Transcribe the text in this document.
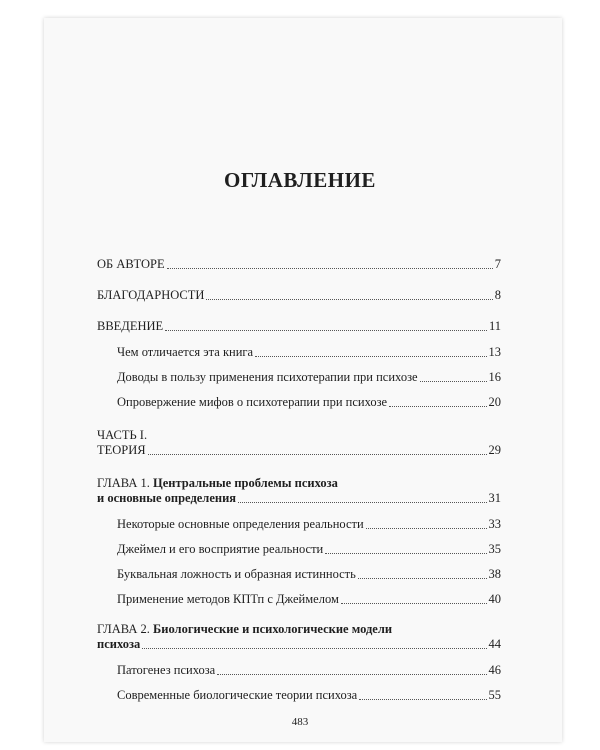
ОГЛАВЛЕНИЕ
ОБ АВТОРЕ	7
БЛАГОДАРНОСТИ	8
ВВЕДЕНИЕ	11
Чем отличается эта книга	13
Доводы в пользу применения психотерапии при психозе	16
Опровержение мифов о психотерапии при психозе	20
ЧАСТЬ I.
ТЕОРИЯ	29
ГЛАВА 1. Центральные проблемы психоза
и основные определения	31
Некоторые основные определения реальности	33
Джеймел и его восприятие реальности	35
Буквальная ложность и образная истинность	38
Применение методов КПТп с Джеймелом	40
ГЛАВА 2. Биологические и психологические модели
психоза	44
Патогенез психоза	46
Современные биологические теории психоза	55
483
